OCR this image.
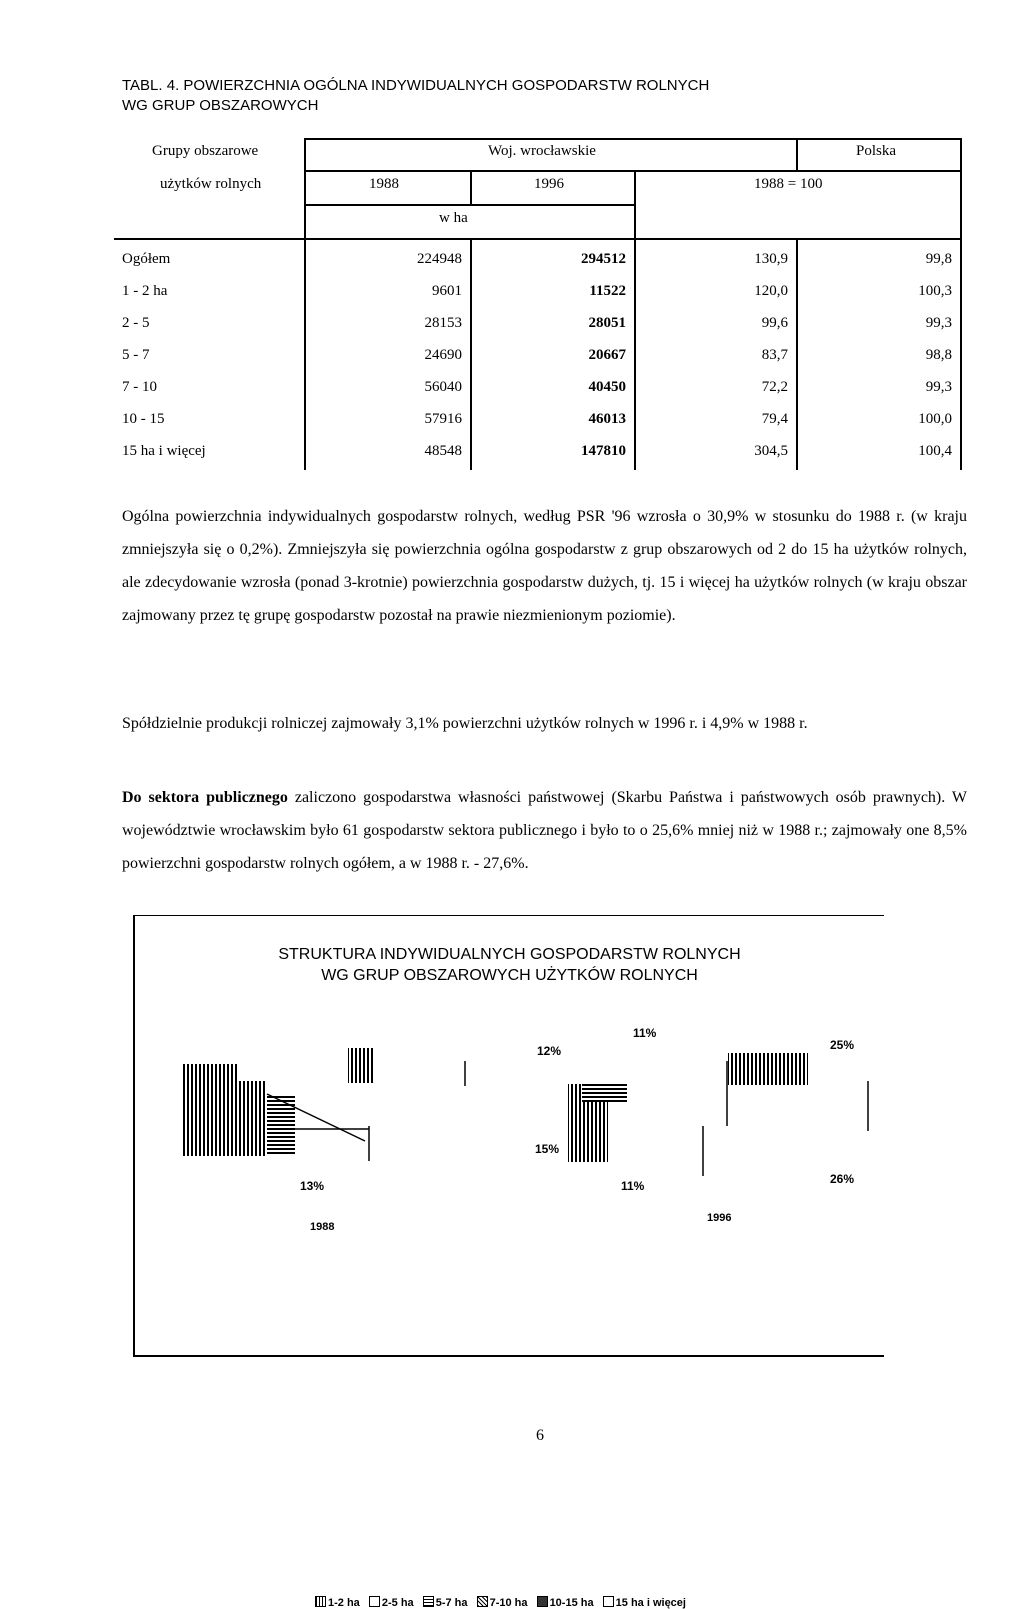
TABL. 4. POWIERZCHNIA OGÓLNA INDYWIDUALNYCH GOSPODARSTW ROLNYCH
WG GRUP OBSZAROWYCH
Grupy obszarowe
użytków rolnych
Woj. wrocławskie	Polska
1988	1996	1988 = 100
w ha
Ogółem	224948	294512	130,9	99,8
1 - 2 ha	9601	11522	120,0	100,3
2 - 5	28153	28051	99,6	99,3
5 - 7	24690	20667	83,7	98,8
7 - 10	56040	40450	72,2	99,3
10 - 15	57916	46013	79,4	100,0
15 ha i więcej	48548	147810	304,5	100,4

Ogólna powierzchnia indywidualnych gospodarstw rolnych, według PSR '96 wzrosła o 30,9% w stosunku do 1988 r. (w kraju zmniejszyła się o 0,2%). Zmniejszyła się powierzchnia ogólna gospodarstw z grup obszarowych od 2 do 15 ha użytków rolnych, ale zdecydowanie wzrosła (ponad 3-krotnie) powierzchnia gospodarstw dużych, tj. 15 i więcej ha użytków rolnych (w kraju obszar zajmowany przez tę grupę gospodarstw pozostał na prawie niezmienionym poziomie).

Spółdzielnie produkcji rolniczej zajmowały 3,1% powierzchni użytków rolnych w 1996 r. i 4,9% w 1988 r.

Do sektora publicznego zaliczono gospodarstwa własności państwowej (Skarbu Państwa i państwowych osób prawnych). W województwie wrocławskim było 61 gospodarstw sektora publicznego i było to o 25,6% mniej niż w 1988 r.; zajmowały one 8,5% powierzchni gospodarstw rolnych ogółem, a w 1988 r. - 27,6%.

STRUKTURA INDYWIDUALNYCH GOSPODARSTW ROLNYCH
WG GRUP OBSZAROWYCH UŻYTKÓW ROLNYCH
13%
1988
12%
11%
15%
11%
25%
26%
1996
1-2 ha 2-5 ha 5-7 ha 7-10 ha 10-15 ha 15 ha i więcej
6
